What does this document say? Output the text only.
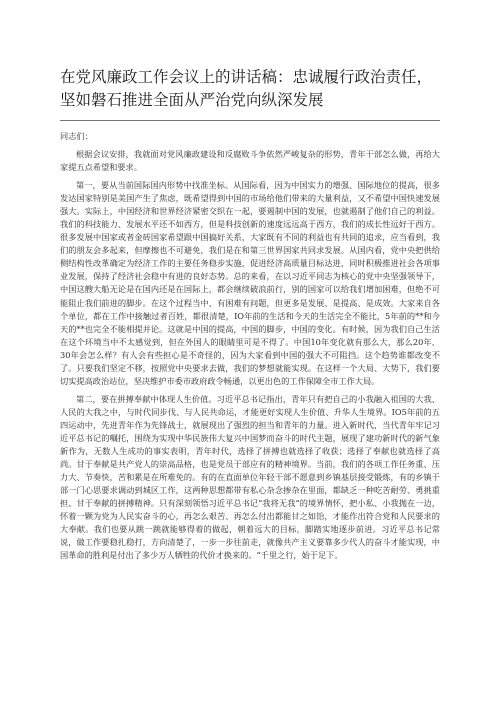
在党风廉政工作会议上的讲话稿：忠诚履行政治责任，
坚如磐石推进全面从严治党向纵深发展

同志们：

根据会议安排，我就面对党风廉政建设和反腐败斗争依然严峻复杂的形势，青年干部怎么做，再给大家提五点希望和要求。

第一，要从当前国际国内形势中找准坐标。从国际看，因为中国实力的增强、国际地位的提高，很多发达国家特别是美国产生了焦虑，既希望得到中国的市场给他们带来的大量利益，又不希望中国快速发展强大。实际上，中国经济和世界经济紧密交织在一起，要遏制中国的发展，也就遏制了他们自己的利益。我们的科技能力、发展水平还不如西方，但是科技创新的速度远远高于西方，我们的成长性远好于西方。很多发展中国家或者金砖国家希望跟中国搞好关系，大家既有不同的利益也有共同的追求，应当看到，我们的朋友会多起来，但摩擦也不可避免，我们是在和第三世界国家共同求发展。从国内看，党中央把供给侧结构性改革确定为经济工作的主要任务稳步实施，促进经济高质量目标达进，同时积极推进社会各项事业发展，保持了经济社会稳中有进的良好态势。总的来看，在以习近平同志为核心的党中央坚强领导下，中国这艘大船无论是在国内还是在国际上，都会继续破浪前行，别的国家可以给我们增加困难，但绝不可能阻止我们前进的脚步。在这个过程当中，有困难有问题，但更多是发展、是提高、是成效。大家来自各个单位，都在工作中接触过者百姓，都很清楚，IO年前的生活和今天的生活完全不能比，5年前的**和今天的**也完全不能相提并论。这就是中国的提高，中国的脚步，中国的变化。有时候，因为我们自己生活在这个环境当中不太感觉到，但在外国人的眼睛里可是不得了。中国10年变化就有那么大，那么20年、30年会怎么样？有人会有些担心是不奇怪的，因为大家看到中国的强大不可阻挡。这个趋势谁都改变不了。只要我们坚定不移，按照党中央要求去做，我们的梦想就能实现。在这样一个大局、大势下，我们要切实提高政治站位，坚决维护市委市政府政令畅通，以更出色的工作保障全市工作大局。

第二，要在拼搏奉献中体现人生价值。习近平总书记指出，青年只有把自己的小我融入祖国的大我、人民的大我之中，与时代同步伐、与人民共命运，才能更好实现人生价值、升华人生境界。IO5年前的五四运动中，先进青年作为先锋战士，就展现出了强烈的担当和青年的力量。进入新时代，当代青年牢记习近平总书记的嘱托，围绕为实现中华民族伟大复兴中国梦而奋斗的时代主题，展现了建功新时代的新气象新作为，无数人生成功的事实表明，青年时代，选择了拼搏也就选择了收获；选择了奉献也就选择了高尚。甘于奉献是共产党人的崇高品格，也是党员干部应有的精神境界。当前，我们的各项工作任务重、压力大、节奏快，苦和累是在所难免的。有的在直面单位年轻干部不愿意到乡镇基层接受锻炼，有的乡镇干部一门心思要求调动到城区工作，这两种思想都带有私心杂念掺杂在里面，都缺乏一种吃苦耐劳、勇挑重担、甘于奉献的拼搏精神。只有深刻领悟习近平总书记“我将无我”的境界情怀，把小私、小我抛在一边，怀着一颗为党为人民实奋斗的心，再怎么艰苦、再怎么付出都能甘之如饴，才能作出符合党和人民要求的大奉献。我们也要从跳一跳就能够得着的做起，朝着远大的目标，脚踏实地逐步前进。习近平总书记常说，做工作要稳扎稳打，方向清楚了，一步一步往前走，就像共产主义要靠多少代人的奋斗才能实现，中国革命的胜利是付出了多少万人牺牲的代价才换来的。“千里之行，始于足下。
